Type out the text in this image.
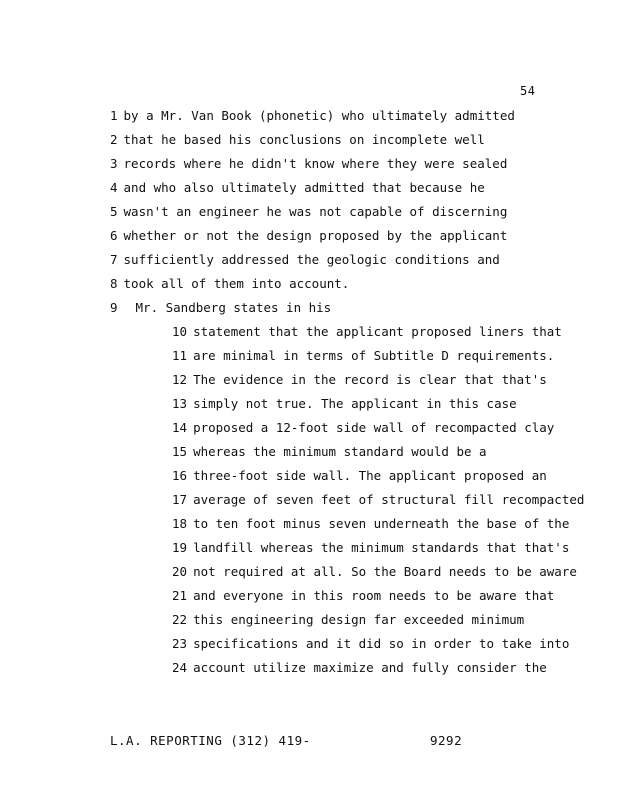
54
1 by a Mr. Van Book (phonetic) who ultimately admitted
2 that he based his conclusions on incomplete well
3 records where he didn't know where they were sealed
4 and who also ultimately admitted that because he
5 wasn't an engineer he was not capable of discerning
6 whether or not the design proposed by the applicant
7 sufficiently addressed the geologic conditions and
8 took all of them into account.
9 Mr. Sandberg states in his
10 statement that the applicant proposed liners that
11 are minimal in terms of Subtitle D requirements.
12 The evidence in the record is clear that that's
13 simply not true. The applicant in this case
14 proposed a 12-foot side wall of recompacted clay
15 whereas the minimum standard would be a
16 three-foot side wall. The applicant proposed an
17 average of seven feet of structural fill recompacted
18 to ten foot minus seven underneath the base of the
19 landfill whereas the minimum standards that that's
20 not required at all. So the Board needs to be aware
21 and everyone in this room needs to be aware that
22 this engineering design far exceeded minimum
23 specifications and it did so in order to take into
24 account utilize maximize and fully consider the
L.A. REPORTING (312) 419-	9292
